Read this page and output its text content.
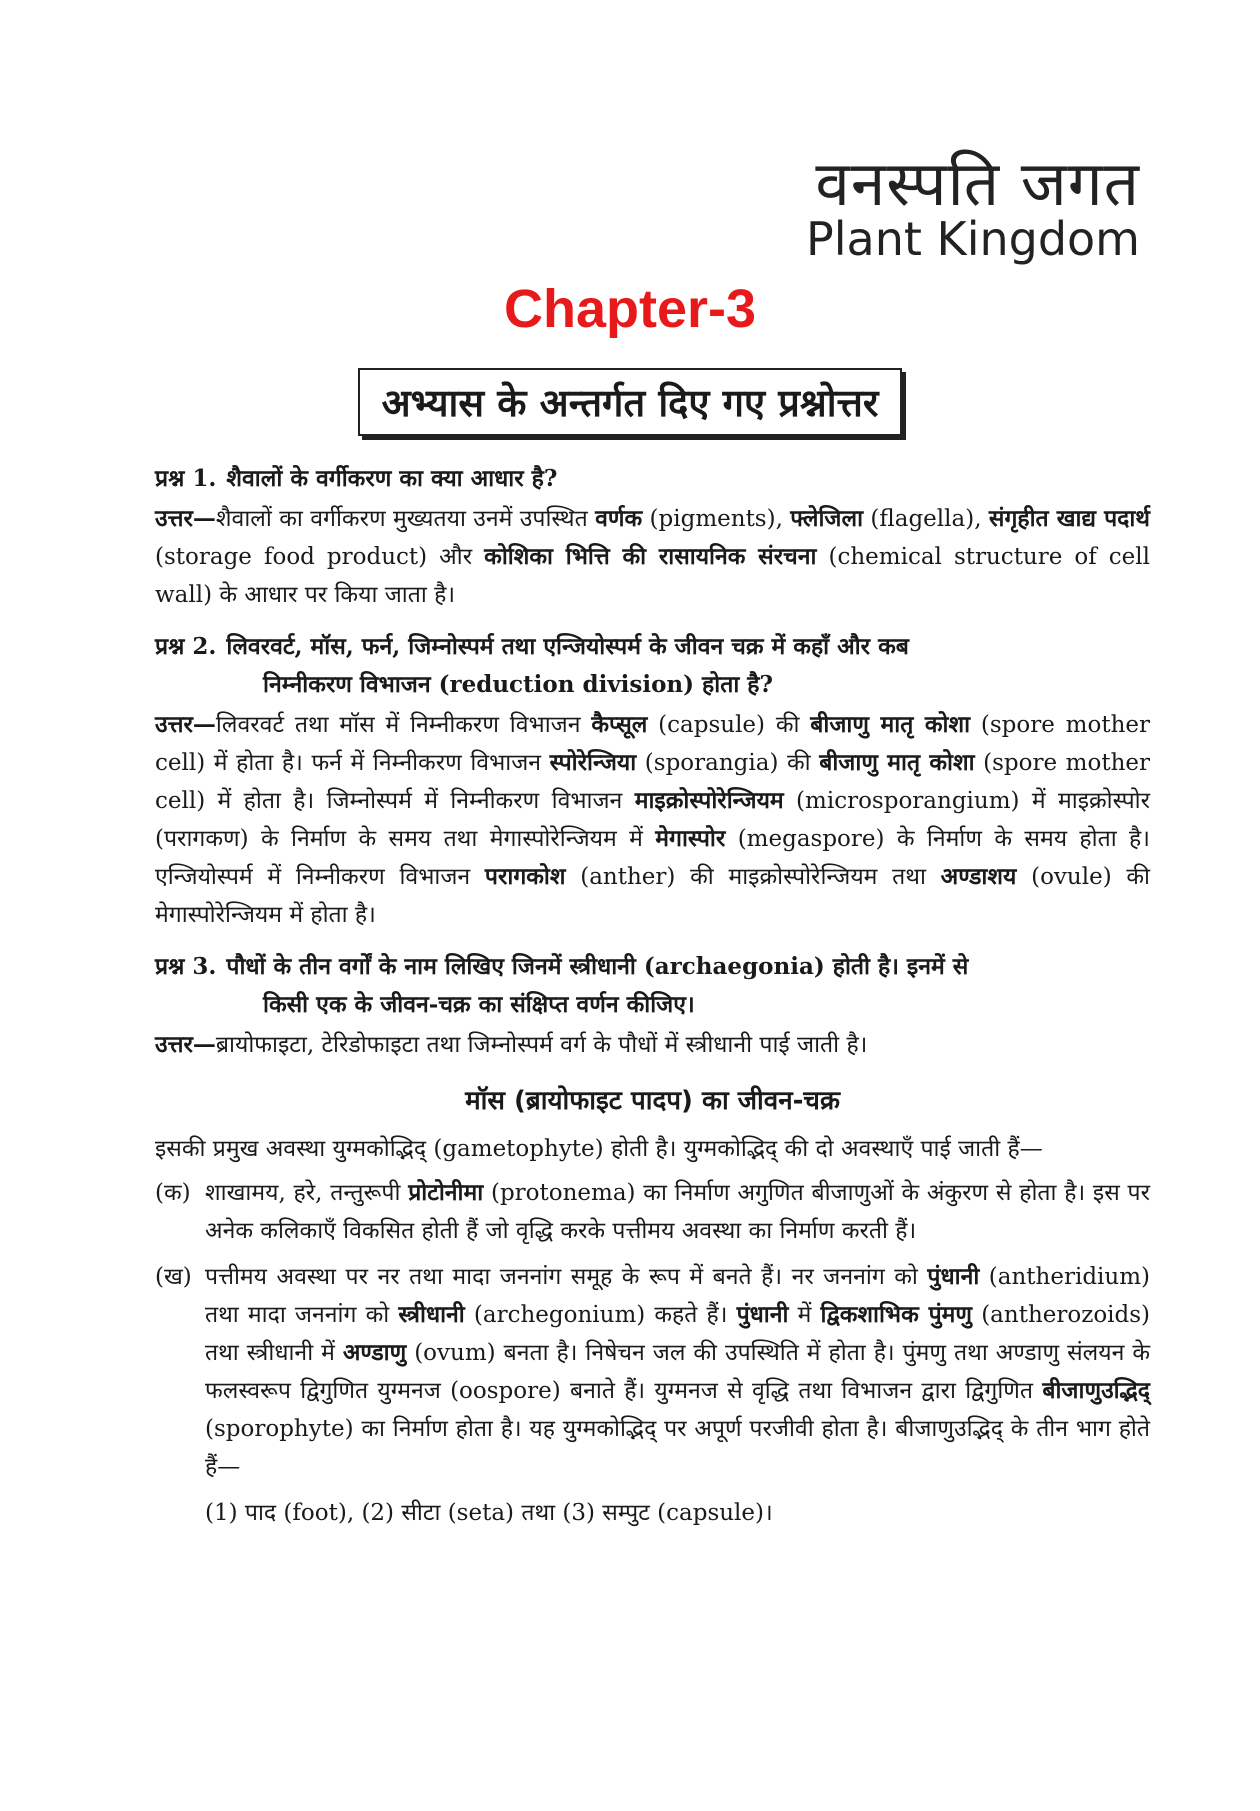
वनस्पति जगत
Plant Kingdom
Chapter-3
अभ्यास के अन्तर्गत दिए गए प्रश्नोत्तर
प्रश्न 1. शैवालों के वर्गीकरण का क्या आधार है?
उत्तर—शैवालों का वर्गीकरण मुख्यतया उनमें उपस्थित वर्णक (pigments), फ्लेजिला (flagella), संगृहीत खाद्य पदार्थ (storage food product) और कोशिका भित्ति की रासायनिक संरचना (chemical structure of cell wall) के आधार पर किया जाता है।
प्रश्न 2. लिवरवर्ट, मॉस, फर्न, जिम्नोस्पर्म तथा एन्जियोस्पर्म के जीवन चक्र में कहाँ और कब
निम्नीकरण विभाजन (reduction division) होता है?
उत्तर—लिवरवर्ट तथा मॉस में निम्नीकरण विभाजन कैप्सूल (capsule) की बीजाणु मातृ कोशा (spore mother cell) में होता है। फर्न में निम्नीकरण विभाजन स्पोरेन्जिया (sporangia) की बीजाणु मातृ कोशा (spore mother cell) में होता है। जिम्नोस्पर्म में निम्नीकरण विभाजन माइक्रोस्पोरेन्जियम (microsporangium) में माइक्रोस्पोर (परागकण) के निर्माण के समय तथा मेगास्पोरेन्जियम में मेगास्पोर (megaspore) के निर्माण के समय होता है। एन्जियोस्पर्म में निम्नीकरण विभाजन परागकोश (anther) की माइक्रोस्पोरेन्जियम तथा अण्डाशय (ovule) की मेगास्पोरेन्जियम में होता है।
प्रश्न 3. पौधों के तीन वर्गों के नाम लिखिए जिनमें स्त्रीधानी (archaegonia) होती है। इनमें से
किसी एक के जीवन-चक्र का संक्षिप्त वर्णन कीजिए।
उत्तर—ब्रायोफाइटा, टेरिडोफाइटा तथा जिम्नोस्पर्म वर्ग के पौधों में स्त्रीधानी पाई जाती है।
मॉस (ब्रायोफाइट पादप) का जीवन-चक्र
इसकी प्रमुख अवस्था युग्मकोद्भिद् (gametophyte) होती है। युग्मकोद्भिद् की दो अवस्थाएँ पाई जाती हैं—
(क) शाखामय, हरे, तन्तुरूपी प्रोटोनीमा (protonema) का निर्माण अगुणित बीजाणुओं के अंकुरण से होता है। इस पर अनेक कलिकाएँ विकसित होती हैं जो वृद्धि करके पत्तीमय अवस्था का निर्माण करती हैं।
(ख) पत्तीमय अवस्था पर नर तथा मादा जननांग समूह के रूप में बनते हैं। नर जननांग को पुंधानी (antheridium) तथा मादा जननांग को स्त्रीधानी (archegonium) कहते हैं। पुंधानी में द्विकशाभिक पुंमणु (antherozoids) तथा स्त्रीधानी में अण्डाणु (ovum) बनता है। निषेचन जल की उपस्थिति में होता है। पुंमणु तथा अण्डाणु संलयन के फलस्वरूप द्विगुणित युग्मनज (oospore) बनाते हैं। युग्मनज से वृद्धि तथा विभाजन द्वारा द्विगुणित बीजाणुउद्भिद् (sporophyte) का निर्माण होता है। यह युग्मकोद्भिद् पर अपूर्ण परजीवी होता है। बीजाणुउद्भिद् के तीन भाग होते हैं—
(1) पाद (foot), (2) सीटा (seta) तथा (3) सम्पुट (capsule)।
